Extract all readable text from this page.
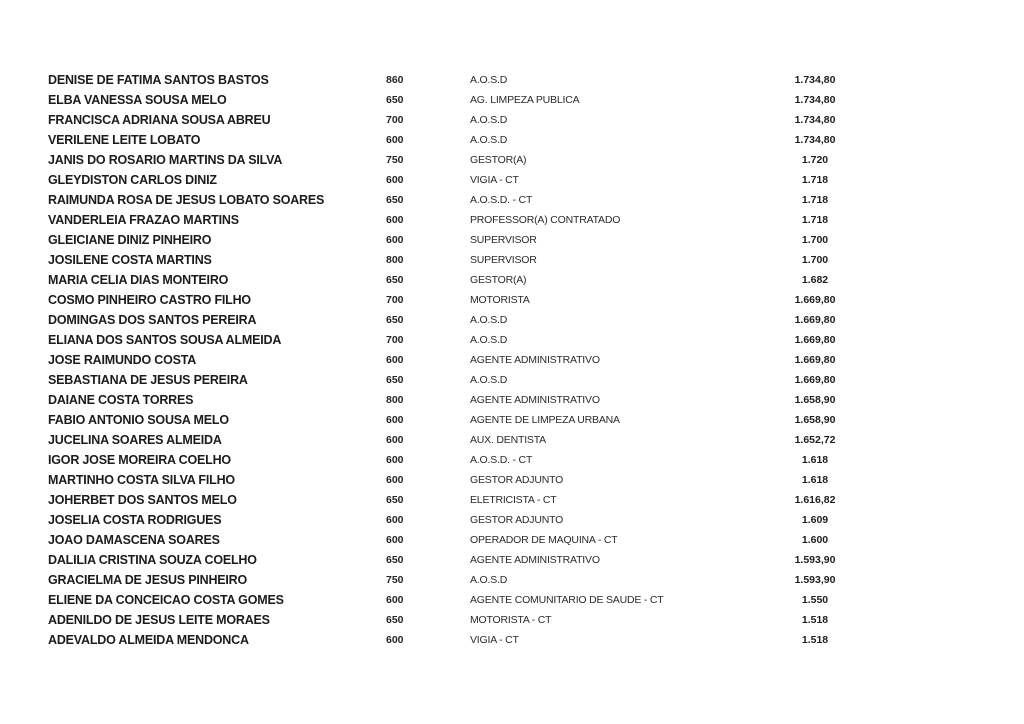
DENISE DE FATIMA SANTOS BASTOS	860	A.O.S.D	1.734,80
ELBA VANESSA SOUSA MELO	650	AG. LIMPEZA PUBLICA	1.734,80
FRANCISCA ADRIANA SOUSA ABREU	700	A.O.S.D	1.734,80
VERILENE LEITE LOBATO	600	A.O.S.D	1.734,80
JANIS DO ROSARIO MARTINS DA SILVA	750	GESTOR(A)	1.720
GLEYDISTON CARLOS DINIZ	600	VIGIA - CT	1.718
RAIMUNDA ROSA DE JESUS LOBATO SOARES	650	A.O.S.D. - CT	1.718
VANDERLEIA FRAZAO MARTINS	600	PROFESSOR(A) CONTRATADO	1.718
GLEICIANE DINIZ PINHEIRO	600	SUPERVISOR	1.700
JOSILENE COSTA MARTINS	800	SUPERVISOR	1.700
MARIA CELIA DIAS MONTEIRO	650	GESTOR(A)	1.682
COSMO PINHEIRO CASTRO FILHO	700	MOTORISTA	1.669,80
DOMINGAS DOS SANTOS PEREIRA	650	A.O.S.D	1.669,80
ELIANA DOS SANTOS SOUSA ALMEIDA	700	A.O.S.D	1.669,80
JOSE RAIMUNDO COSTA	600	AGENTE ADMINISTRATIVO	1.669,80
SEBASTIANA DE JESUS PEREIRA	650	A.O.S.D	1.669,80
DAIANE COSTA TORRES	800	AGENTE ADMINISTRATIVO	1.658,90
FABIO ANTONIO SOUSA MELO	600	AGENTE DE LIMPEZA URBANA	1.658,90
JUCELINA SOARES ALMEIDA	600	AUX. DENTISTA	1.652,72
IGOR JOSE MOREIRA COELHO	600	A.O.S.D. - CT	1.618
MARTINHO COSTA SILVA FILHO	600	GESTOR ADJUNTO	1.618
JOHERBET DOS SANTOS MELO	650	ELETRICISTA - CT	1.616,82
JOSELIA COSTA RODRIGUES	600	GESTOR ADJUNTO	1.609
JOAO DAMASCENA SOARES	600	OPERADOR DE MAQUINA - CT	1.600
DALILIA CRISTINA SOUZA COELHO	650	AGENTE ADMINISTRATIVO	1.593,90
GRACIELMA DE JESUS PINHEIRO	750	A.O.S.D	1.593,90
ELIENE DA CONCEICAO COSTA GOMES	600	AGENTE COMUNITARIO DE SAUDE - CT	1.550
ADENILDO DE JESUS LEITE MORAES	650	MOTORISTA - CT	1.518
ADEVALDO ALMEIDA MENDONCA	600	VIGIA - CT	1.518
